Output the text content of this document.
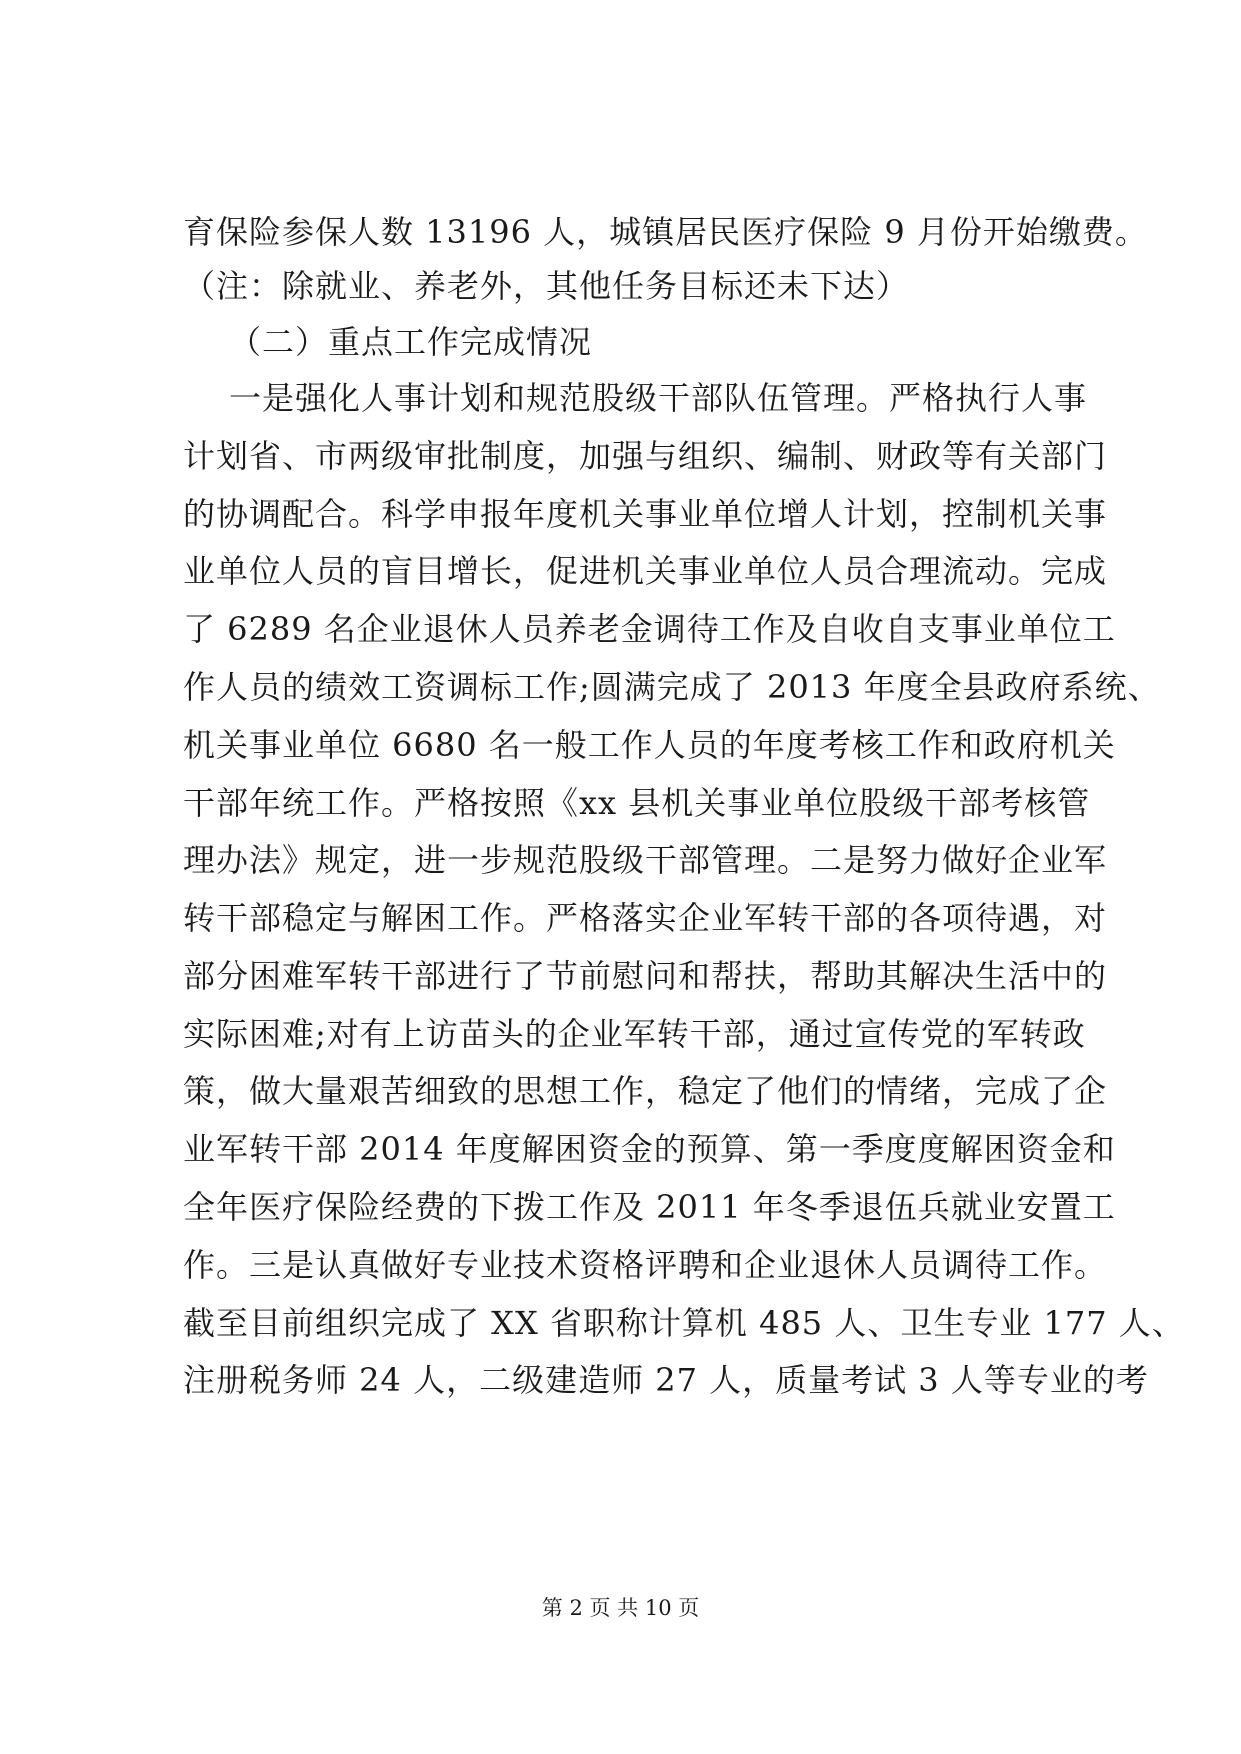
育保险参保人数 13196 人，城镇居民医疗保险 9 月份开始缴费。
（注：除就业、养老外，其他任务目标还未下达）
（二）重点工作完成情况
一是强化人事计划和规范股级干部队伍管理。严格执行人事
计划省、市两级审批制度，加强与组织、编制、财政等有关部门
的协调配合。科学申报年度机关事业单位增人计划，控制机关事
业单位人员的盲目增长，促进机关事业单位人员合理流动。完成
了 6289 名企业退休人员养老金调待工作及自收自支事业单位工
作人员的绩效工资调标工作;圆满完成了 2013 年度全县政府系统、
机关事业单位 6680 名一般工作人员的年度考核工作和政府机关
干部年统工作。严格按照《xx 县机关事业单位股级干部考核管
理办法》规定，进一步规范股级干部管理。二是努力做好企业军
转干部稳定与解困工作。严格落实企业军转干部的各项待遇，对
部分困难军转干部进行了节前慰问和帮扶，帮助其解决生活中的
实际困难;对有上访苗头的企业军转干部，通过宣传党的军转政
策，做大量艰苦细致的思想工作，稳定了他们的情绪，完成了企
业军转干部 2014 年度解困资金的预算、第一季度度解困资金和
全年医疗保险经费的下拨工作及 2011 年冬季退伍兵就业安置工
作。三是认真做好专业技术资格评聘和企业退休人员调待工作。
截至目前组织完成了 XX 省职称计算机 485 人、卫生专业 177 人、
注册税务师 24 人，二级建造师 27 人，质量考试 3 人等专业的考
第 2 页 共 10 页
